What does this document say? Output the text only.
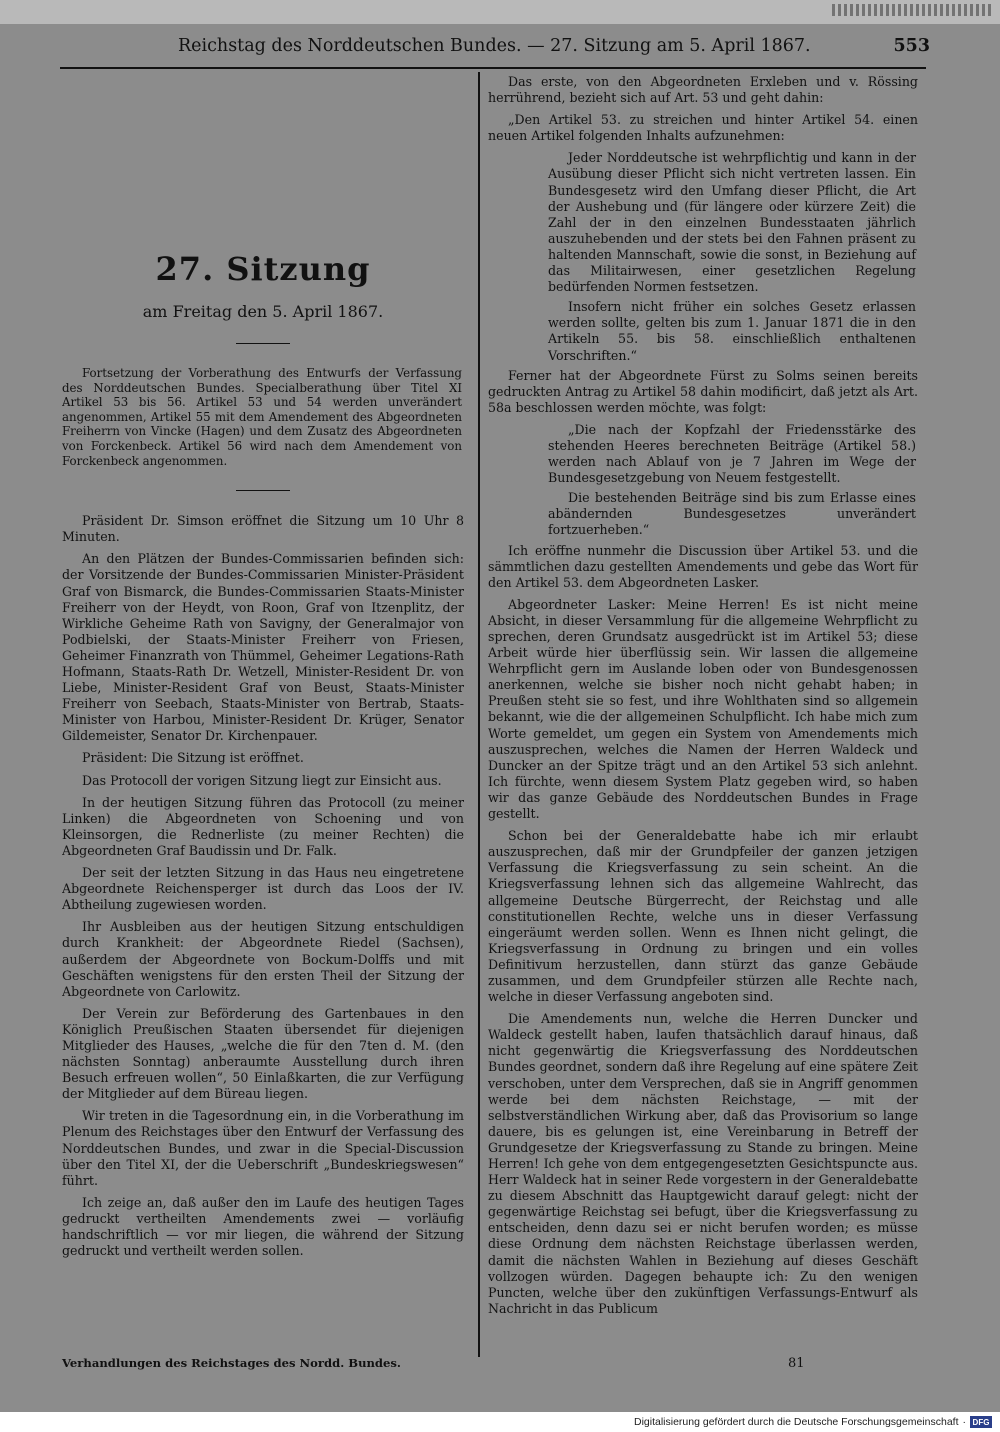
Reichstag des Norddeutschen Bundes. — 27. Sitzung am 5. April 1867.	553
27. Sitzung
am Freitag den 5. April 1867.

Fortsetzung der Vorberathung des Entwurfs der Verfassung des Norddeutschen Bundes. Specialberathung über Titel XI Artikel 53 bis 56. Artikel 53 und 54 werden unverändert angenommen, Artikel 55 mit dem Amendement des Abgeordneten Freiherrn von Vincke (Hagen) und dem Zusatz des Abgeordneten von Forckenbeck. Artikel 56 wird nach dem Amendement von Forckenbeck angenommen.

Präsident Dr. Simson eröffnet die Sitzung um 10 Uhr 8 Minuten.

An den Plätzen der Bundes-Commissarien befinden sich: der Vorsitzende der Bundes-Commissarien Minister-Präsident Graf von Bismarck, die Bundes-Commissarien Staats-Minister Freiherr von der Heydt, von Roon, Graf von Itzenplitz, der Wirkliche Geheime Rath von Savigny, der Generalmajor von Podbielski, der Staats-Minister Freiherr von Friesen, Geheimer Finanzrath von Thümmel, Geheimer Legations-Rath Hofmann, Staats-Rath Dr. Wetzell, Minister-Resident Dr. von Liebe, Minister-Resident Graf von Beust, Staats-Minister Freiherr von Seebach, Staats-Minister von Bertrab, Staats-Minister von Harbou, Minister-Resident Dr. Krüger, Senator Gildemeister, Senator Dr. Kirchenpauer.

Präsident: Die Sitzung ist eröffnet.

Das Protocoll der vorigen Sitzung liegt zur Einsicht aus.

In der heutigen Sitzung führen das Protocoll (zu meiner Linken) die Abgeordneten von Schoening und von Kleinsorgen, die Rednerliste (zu meiner Rechten) die Abgeordneten Graf Baudissin und Dr. Falk.

Der seit der letzten Sitzung in das Haus neu eingetretene Abgeordnete Reichensperger ist durch das Loos der IV. Abtheilung zugewiesen worden.

Ihr Ausbleiben aus der heutigen Sitzung entschuldigen durch Krankheit: der Abgeordnete Riedel (Sachsen), außerdem der Abgeordnete von Bockum-Dolffs und mit Geschäften wenigstens für den ersten Theil der Sitzung der Abgeordnete von Carlowitz.

Der Verein zur Beförderung des Gartenbaues in den Königlich Preußischen Staaten übersendet für diejenigen Mitglieder des Hauses, „welche die für den 7ten d. M. (den nächsten Sonntag) anberaumte Ausstellung durch ihren Besuch erfreuen wollen“, 50 Einlaßkarten, die zur Verfügung der Mitglieder auf dem Büreau liegen.

Wir treten in die Tagesordnung ein, in die Vorberathung im Plenum des Reichstages über den Entwurf der Verfassung des Norddeutschen Bundes, und zwar in die Special-Discussion über den Titel XI, der die Ueberschrift „Bundeskriegswesen“ führt.

Ich zeige an, daß außer den im Laufe des heutigen Tages gedruckt vertheilten Amendements zwei — vorläufig handschriftlich — vor mir liegen, die während der Sitzung gedruckt und vertheilt werden sollen.

Das erste, von den Abgeordneten Erxleben und v. Rössing herrührend, bezieht sich auf Art. 53 und geht dahin:

„Den Artikel 53. zu streichen und hinter Artikel 54. einen neuen Artikel folgenden Inhalts aufzunehmen:

Jeder Norddeutsche ist wehrpflichtig und kann in der Ausübung dieser Pflicht sich nicht vertreten lassen. Ein Bundesgesetz wird den Umfang dieser Pflicht, die Art der Aushebung und (für längere oder kürzere Zeit) die Zahl der in den einzelnen Bundesstaaten jährlich auszuhebenden und der stets bei den Fahnen präsent zu haltenden Mannschaft, sowie die sonst, in Beziehung auf das Militairwesen, einer gesetzlichen Regelung bedürfenden Normen festsetzen.

Insofern nicht früher ein solches Gesetz erlassen werden sollte, gelten bis zum 1. Januar 1871 die in den Artikeln 55. bis 58. einschließlich enthaltenen Vorschriften.“

Ferner hat der Abgeordnete Fürst zu Solms seinen bereits gedruckten Antrag zu Artikel 58 dahin modificirt, daß jetzt als Art. 58a beschlossen werden möchte, was folgt:

„Die nach der Kopfzahl der Friedensstärke des stehenden Heeres berechneten Beiträge (Artikel 58.) werden nach Ablauf von je 7 Jahren im Wege der Bundesgesetzgebung von Neuem festgestellt.

Die bestehenden Beiträge sind bis zum Erlasse eines abändernden Bundesgesetzes unverändert fortzuerheben.“

Ich eröffne nunmehr die Discussion über Artikel 53. und die sämmtlichen dazu gestellten Amendements und gebe das Wort für den Artikel 53. dem Abgeordneten Lasker.

Abgeordneter Lasker: Meine Herren! Es ist nicht meine Absicht, in dieser Versammlung für die allgemeine Wehrpflicht zu sprechen, deren Grundsatz ausgedrückt ist im Artikel 53; diese Arbeit würde hier überflüssig sein. Wir lassen die allgemeine Wehrpflicht gern im Auslande loben oder von Bundesgenossen anerkennen, welche sie bisher noch nicht gehabt haben; in Preußen steht sie so fest, und ihre Wohlthaten sind so allgemein bekannt, wie die der allgemeinen Schulpflicht. Ich habe mich zum Worte gemeldet, um gegen ein System von Amendements mich auszusprechen, welches die Namen der Herren Waldeck und Duncker an der Spitze trägt und an den Artikel 53 sich anlehnt. Ich fürchte, wenn diesem System Platz gegeben wird, so haben wir das ganze Gebäude des Norddeutschen Bundes in Frage gestellt.

Schon bei der Generaldebatte habe ich mir erlaubt auszusprechen, daß mir der Grundpfeiler der ganzen jetzigen Verfassung die Kriegsverfassung zu sein scheint. An die Kriegsverfassung lehnen sich das allgemeine Wahlrecht, das allgemeine Deutsche Bürgerrecht, der Reichstag und alle constitutionellen Rechte, welche uns in dieser Verfassung eingeräumt werden sollen. Wenn es Ihnen nicht gelingt, die Kriegsverfassung in Ordnung zu bringen und ein volles Definitivum herzustellen, dann stürzt das ganze Gebäude zusammen, und dem Grundpfeiler stürzen alle Rechte nach, welche in dieser Verfassung angeboten sind.

Die Amendements nun, welche die Herren Duncker und Waldeck gestellt haben, laufen thatsächlich darauf hinaus, daß nicht gegenwärtig die Kriegsverfassung des Norddeutschen Bundes geordnet, sondern daß ihre Regelung auf eine spätere Zeit verschoben, unter dem Versprechen, daß sie in Angriff genommen werde bei dem nächsten Reichstage, — mit der selbstverständlichen Wirkung aber, daß das Provisorium so lange dauere, bis es gelungen ist, eine Vereinbarung in Betreff der Grundgesetze der Kriegsverfassung zu Stande zu bringen. Meine Herren! Ich gehe von dem entgegengesetzten Gesichtspuncte aus. Herr Waldeck hat in seiner Rede vorgestern in der Generaldebatte zu diesem Abschnitt das Hauptgewicht darauf gelegt: nicht der gegenwärtige Reichstag sei befugt, über die Kriegsverfassung zu entscheiden, denn dazu sei er nicht berufen worden; es müsse diese Ordnung dem nächsten Reichstage überlassen werden, damit die nächsten Wahlen in Beziehung auf dieses Geschäft vollzogen würden. Dagegen behaupte ich: Zu den wenigen Puncten, welche über den zukünftigen Verfassungs-Entwurf als Nachricht in das Publicum

Verhandlungen des Reichstages des Nordd. Bundes.	81
Digitalisierung gefördert durch die Deutsche Forschungsgemeinschaft · DFG
